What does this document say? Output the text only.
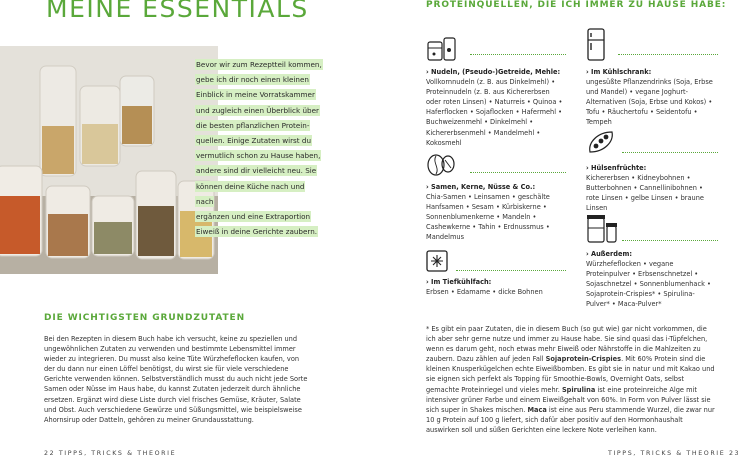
MEINE ESSENTIALS
Bevor wir zum Rezeptteil kommen,
gebe ich dir noch einen kleinen
Einblick in meine Vorratskammer
und zugleich einen Überblick über
die besten pflanzlichen Protein-
quellen. Einige Zutaten wirst du
vermutlich schon zu Hause haben,
andere sind dir vielleicht neu. Sie
können deine Küche nach und nach
ergänzen und eine Extraportion
Eiweiß in deine Gerichte zaubern.
DIE WICHTIGSTEN GRUNDZUTATEN
Bei den Rezepten in diesem Buch habe ich versucht, keine zu speziellen und ungewöhnlichen Zutaten zu verwenden und bestimmte Lebensmittel immer wieder zu integrieren. Du musst also keine Tüte Würzhefeflocken kaufen, von der du dann nur einen Löffel benötigst, du wirst sie für viele verschiedene Gerichte verwenden können. Selbstverständlich musst du auch nicht jede Sorte Samen oder Nüsse im Haus habe, du kannst Zutaten jederzeit durch ähnliche ersetzen. Ergänzt wird diese Liste durch viel frisches Gemüse, Kräuter, Salate und Obst. Auch verschiedene Gewürze und Süßungsmittel, wie beispielsweise Ahornsirup oder Datteln, gehören zu meiner Grundausstattung.
22 TIPPS, TRICKS & THEORIE
PROTEINQUELLEN, DIE ICH IMMER ZU HAUSE HABE:
› Nudeln, (Pseudo-)Getreide, Mehle:
Vollkornnudeln (z. B. aus Dinkelmehl) • Proteinnudeln (z. B. aus Kichererbsen oder roten Linsen) • Naturreis • Quinoa • Haferflocken • Sojaflocken • Hafermehl • Buchweizenmehl • Dinkelmehl • Kichererbsenmehl • Mandelmehl • Kokosmehl
› Im Kühlschrank:
ungesüßte Pflanzendrinks (Soja, Erbse und Mandel) • vegane Joghurt-Alternativen (Soja, Erbse und Kokos) • Tofu • Räuchertofu • Seidentofu • Tempeh
› Samen, Kerne, Nüsse & Co.:
Chia-Samen • Leinsamen • geschälte Hanfsamen • Sesam • Kürbiskerne • Sonnenblumenkerne • Mandeln • Cashewkerne • Tahin • Erdnussmus • Mandelmus
› Hülsenfrüchte:
Kichererbsen • Kidneybohnen • Butterbohnen • Cannellinibohnen • rote Linsen • gelbe Linsen • braune Linsen
› Außerdem:
Würzhefeflocken • vegane Proteinpulver • Erbsenschnetzel • Sojaschnetzel • Sonnenblumenhack • Sojaprotein-Crispies* • Spirulina-Pulver* • Maca-Pulver*
› Im Tiefkühlfach:
Erbsen • Edamame • dicke Bohnen
* Es gibt ein paar Zutaten, die in diesem Buch (so gut wie) gar nicht vorkommen, die ich aber sehr gerne nutze und immer zu Hause habe. Sie sind quasi das i-Tüpfelchen, wenn es darum geht, noch etwas mehr Eiweiß oder Nährstoffe in die Mahlzeiten zu zaubern. Dazu zählen auf jeden Fall Sojaprotein-Crispies. Mit 60% Protein sind die kleinen Knusperkügelchen echte Eiweißbomben. Es gibt sie in natur und mit Kakao und sie eignen sich perfekt als Topping für Smoothie-Bowls, Overnight Oats, selbst gemachte Proteinriegel und vieles mehr. Spirulina ist eine proteinreiche Alge mit intensiver grüner Farbe und einem Eiweißgehalt von 60%. In Form von Pulver lässt sie sich super in Shakes mischen. Maca ist eine aus Peru stammende Wurzel, die zwar nur 10 g Protein auf 100 g liefert, sich dafür aber positiv auf den Hormonhaushalt auswirken soll und süßen Gerichten eine leckere Note verleihen kann.
TIPPS, TRICKS & THEORIE 23
